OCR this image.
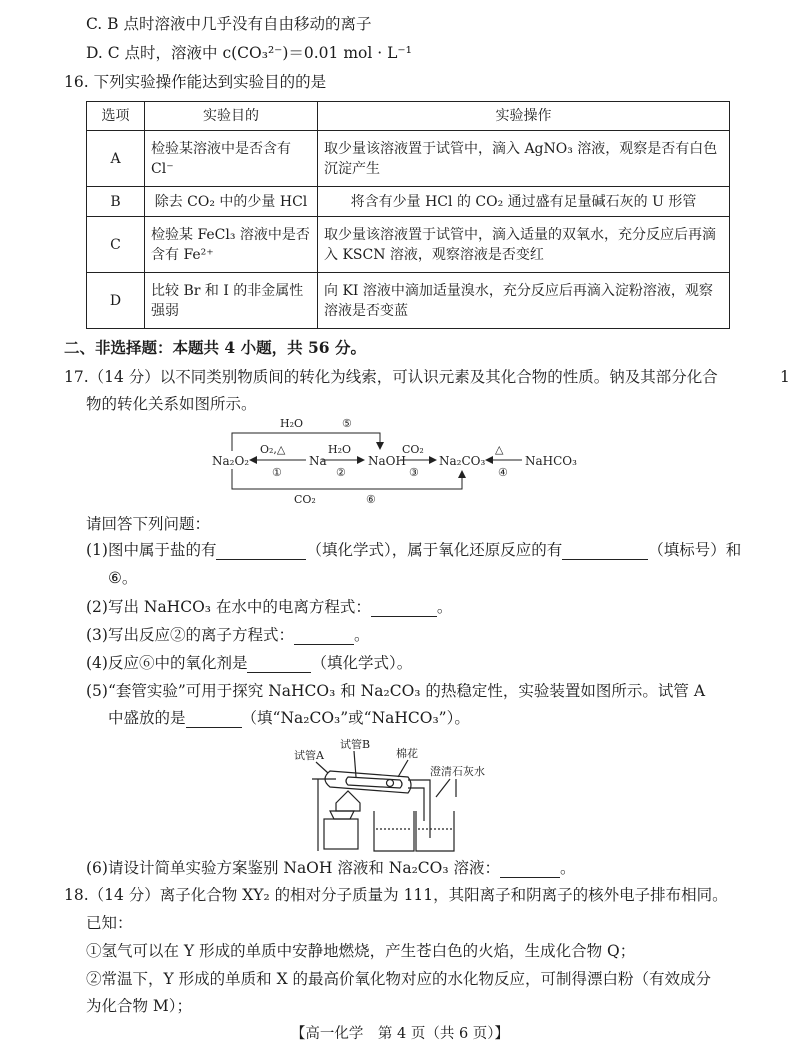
C. B 点时溶液中几乎没有自由移动的离子
D. C 点时，溶液中 c(CO₃²⁻)＝0.01 mol · L⁻¹
16. 下列实验操作能达到实验目的的是
选项	实验目的	实验操作
A	检验某溶液中是否含有Cl⁻	取少量该溶液置于试管中，滴入 AgNO₃ 溶液，观察是否有白色沉淀产生
B	除去 CO₂ 中的少量 HCl	将含有少量 HCl 的 CO₂ 通过盛有足量碱石灰的 U 形管
C	检验某 FeCl₃ 溶液中是否含有 Fe²⁺	取少量该溶液置于试管中，滴入适量的双氧水，充分反应后再滴入 KSCN 溶液，观察溶液是否变红
D	比较 Br 和 I 的非金属性强弱	向 KI 溶液中滴加适量溴水，充分反应后再滴入淀粉溶液，观察溶液是否变蓝
二、非选择题：本题共 4 小题，共 56 分。
17.（14 分）以不同类别物质间的转化为线索，可认识元素及其化合物的性质。钠及其部分化合	1
物的转化关系如图所示。
Na₂O₂	Na	NaOH	Na₂CO₃	NaHCO₃
O₂,△
①
H₂O
②
CO₂
③
△
④
H₂O	⑤
CO₂	⑥
请回答下列问题：
(1)图中属于盐的有	（填化学式），属于氧化还原反应的有	（填标号）和
⑥。
(2)写出 NaHCO₃ 在水中的电离方程式：	。
(3)写出反应②的离子方程式：	。
(4)反应⑥中的氧化剂是	（填化学式）。
(5)“套管实验”可用于探究 NaHCO₃ 和 Na₂CO₃ 的热稳定性，实验装置如图所示。试管 A
中盛放的是	（填“Na₂CO₃”或“NaHCO₃”）。
试管A
试管B
棉花
澄清石灰水
(6)请设计简单实验方案鉴别 NaOH 溶液和 Na₂CO₃ 溶液：	。
18.（14 分）离子化合物 XY₂ 的相对分子质量为 111，其阳离子和阴离子的核外电子排布相同。
已知：
①氢气可以在 Y 形成的单质中安静地燃烧，产生苍白色的火焰，生成化合物 Q；
②常温下，Y 形成的单质和 X 的最高价氧化物对应的水化物反应，可制得漂白粉（有效成分
为化合物 M）；
【高一化学　第 4 页（共 6 页）】
